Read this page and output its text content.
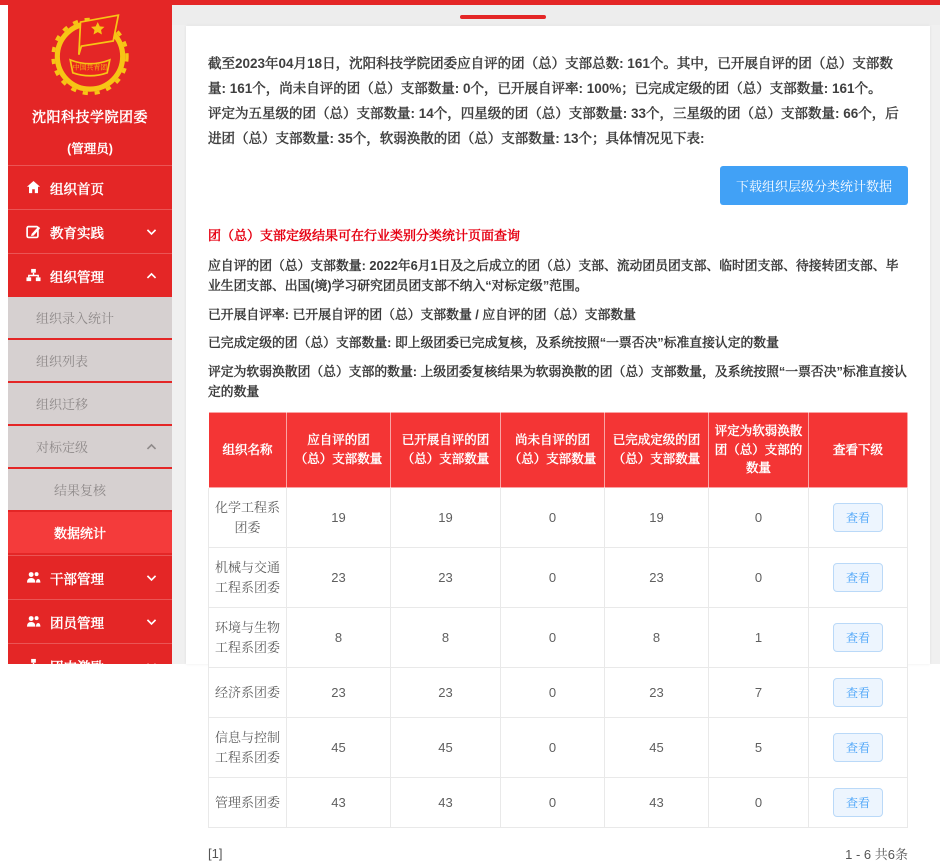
中国共青团
沈阳科技学院团委
(管理员)
组织首页
教育实践
组织管理
组织录入统计
组织列表
组织迁移
对标定级
结果复核
数据统计
干部管理
团员管理
团内激励

截至2023年04月18日，沈阳科技学院团委应自评的团（总）支部总数: 161个。其中，已开展自评的团（总）支部数量: 161个，尚未自评的团（总）支部数量: 0个，已开展自评率: 100%；已完成定级的团（总）支部数量: 161个。

评定为五星级的团（总）支部数量: 14个，四星级的团（总）支部数量: 33个，三星级的团（总）支部数量: 66个，后进团（总）支部数量: 35个，软弱涣散的团（总）支部数量: 13个；具体情况见下表:

下载组织层级分类统计数据
团（总）支部定级结果可在行业类别分类统计页面查询

应自评的团（总）支部数量: 2022年6月1日及之后成立的团（总）支部、流动团员团支部、临时团支部、待接转团支部、毕业生团支部、出国(境)学习研究团员团支部不纳入“对标定级”范围。

已开展自评率: 已开展自评的团（总）支部数量 / 应自评的团（总）支部数量

已完成定级的团（总）支部数量: 即上级团委已完成复核，及系统按照“一票否决”标准直接认定的数量

评定为软弱涣散团（总）支部的数量: 上级团委复核结果为软弱涣散的团（总）支部数量，及系统按照“一票否决”标准直接认定的数量

组织名称	应自评的团（总）支部数量	已开展自评的团（总）支部数量	尚未自评的团（总）支部数量	已完成定级的团（总）支部数量	评定为软弱涣散团（总）支部的数量	查看下级
化学工程系团委	19	19	0	19	0	查看
机械与交通工程系团委	23	23	0	23	0	查看
环境与生物工程系团委	8	8	0	8	1	查看
经济系团委	23	23	0	23	7	查看
信息与控制工程系团委	45	45	0	45	5	查看
管理系团委	43	43	0	43	0	查看
[1]	1 - 6 共6条
